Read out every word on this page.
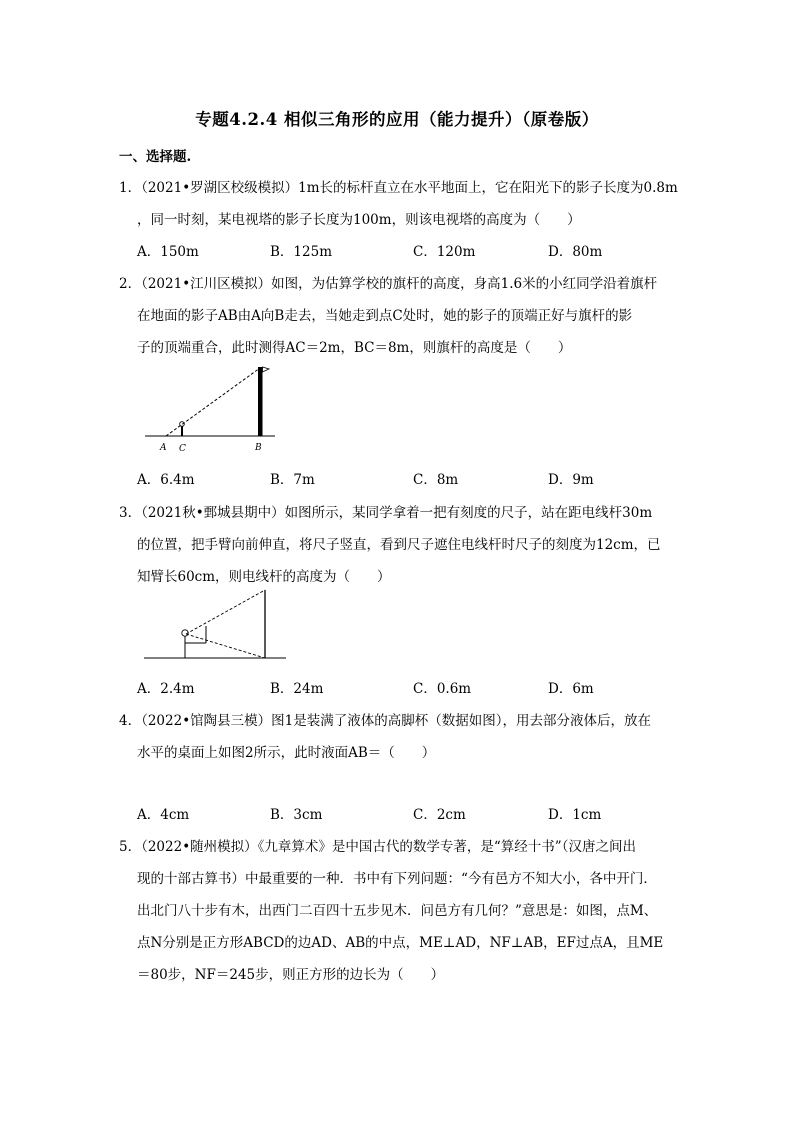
专题4.2.4 相似三角形的应用（能力提升）（原卷版）
一、选择题.
1．（2021•罗湖区校级模拟）1m长的标杆直立在水平地面上，它在阳光下的影子长度为0.8m
，同一时刻，某电视塔的影子长度为100m，则该电视塔的高度为（　　）
A．150m	B．125m	C．120m	D．80m
2．（2021•江川区模拟）如图，为估算学校的旗杆的高度，身高1.6米的小红同学沿着旗杆
在地面的影子AB由A向B走去，当她走到点C处时，她的影子的顶端正好与旗杆的影
子的顶端重合，此时测得AC＝2m，BC＝8m，则旗杆的高度是（　　）
A C	B
A．6.4m	B．7m	C．8m	D．9m
3．（2021秋•鄄城县期中）如图所示，某同学拿着一把有刻度的尺子，站在距电线杆30m
的位置，把手臂向前伸直，将尺子竖直，看到尺子遮住电线杆时尺子的刻度为12cm，已
知臂长60cm，则电线杆的高度为（　　）
A．2.4m	B．24m	C．0.6m	D．6m
4．（2022•馆陶县三模）图1是装满了液体的高脚杯（数据如图），用去部分液体后，放在
水平的桌面上如图2所示，此时液面AB＝（　　）
A．4cm	B．3cm	C．2cm	D．1cm
5．（2022•随州模拟）《九章算术》是中国古代的数学专著，是“算经十书”（汉唐之间出
现的十部古算书）中最重要的一种．书中有下列问题：“今有邑方不知大小，各中开门．
出北门八十步有木，出西门二百四十五步见木．问邑方有几何？”意思是：如图，点M、
点N分别是正方形ABCD的边AD、AB的中点，ME⊥AD，NF⊥AB，EF过点A，且ME
＝80步，NF＝245步，则正方形的边长为（　　）
